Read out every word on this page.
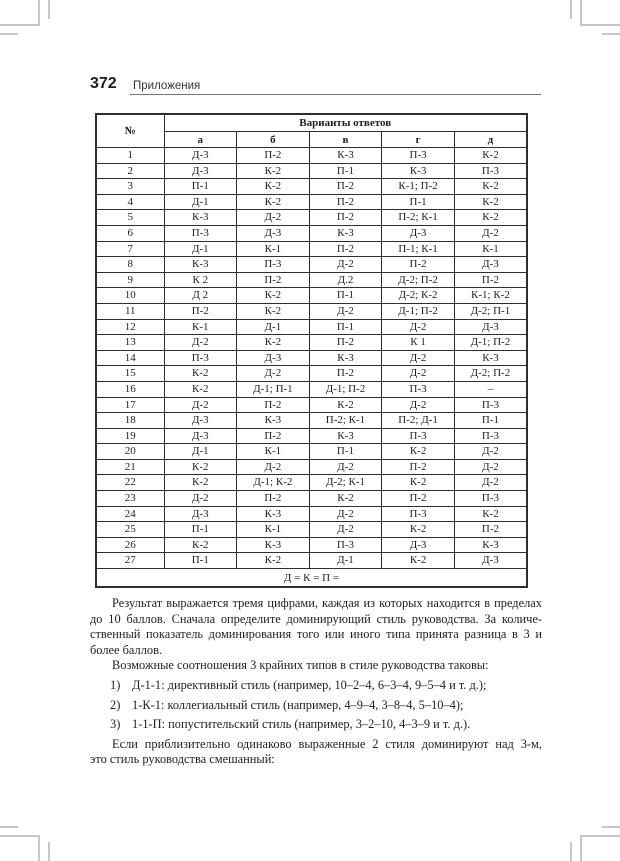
372 Приложения
№	Варианты ответов				
	а	б	в	г	д
1	Д-3	П-2	К-3	П-3	К-2
2	Д-3	К-2	П-1	К-3	П-3
3	П-1	К-2	П-2	К-1; П-2	К-2
4	Д-1	К-2	П-2	П-1	К-2
5	К-3	Д-2	П-2	П-2; К-1	К-2
6	П-3	Д-3	К-3	Д-3	Д-2
7	Д-1	К-1	П-2	П-1; К-1	К-1
8	К-3	П-3	Д-2	П-2	Д-3
9	К 2	П-2	Д.2	Д-2; П-2	П-2
10	Д 2	К-2	П-1	Д-2; К-2	К-1; К-2
11	П-2	К-2	Д-2	Д-1; П-2	Д-2; П-1
12	К-1	Д-1	П-1	Д-2	Д-3
13	Д-2	К-2	П-2	К 1	Д-1; П-2
14	П-3	Д-3	К-3	Д-2	К-3
15	К-2	Д-2	П-2	Д-2	Д-2; П-2
16	К-2	Д-1; П-1	Д-1; П-2	П-3	–
17	Д-2	П-2	К-2	Д-2	П-3
18	Д-3	К-3	П-2; К-1	П-2; Д-1	П-1
19	Д-3	П-2	К-3	П-3	П-3
20	Д-1	К-1	П-1	К-2	Д-2
21	К-2	Д-2	Д-2	П-2	Д-2
22	К-2	Д-1; К-2	Д-2; К-1	К-2	Д-2
23	Д-2	П-2	К-2	П-2	П-3
24	Д-3	К-3	Д-2	П-3	К-2
25	П-1	К-1	Д-2	К-2	П-2
26	К-2	К-3	П-3	Д-3	К-3
27	П-1	К-2	Д-1	К-2	Д-3
Д = К = П =					
Результат выражается тремя цифрами, каждая из которых находится в пределах
до 10 баллов. Сначала определите доминирующий стиль руководства. За количе-
ственный показатель доминирования того или иного типа принята разница в 3 и
более баллов.
Возможные соотношения 3 крайних типов в стиле руководства таковы:
1) Д-1-1: директивный стиль (например, 10–2–4, 6–3–4, 9–5–4 и т. д.);
2) 1-К-1: коллегиальный стиль (например, 4–9–4, 3–8–4, 5–10–4);
3) 1-1-П: попустительский стиль (например, 3–2–10, 4–3–9 и т. д.).
Если приблизительно одинаково выраженные 2 стиля доминируют над 3-м,
это стиль руководства смешанный:
